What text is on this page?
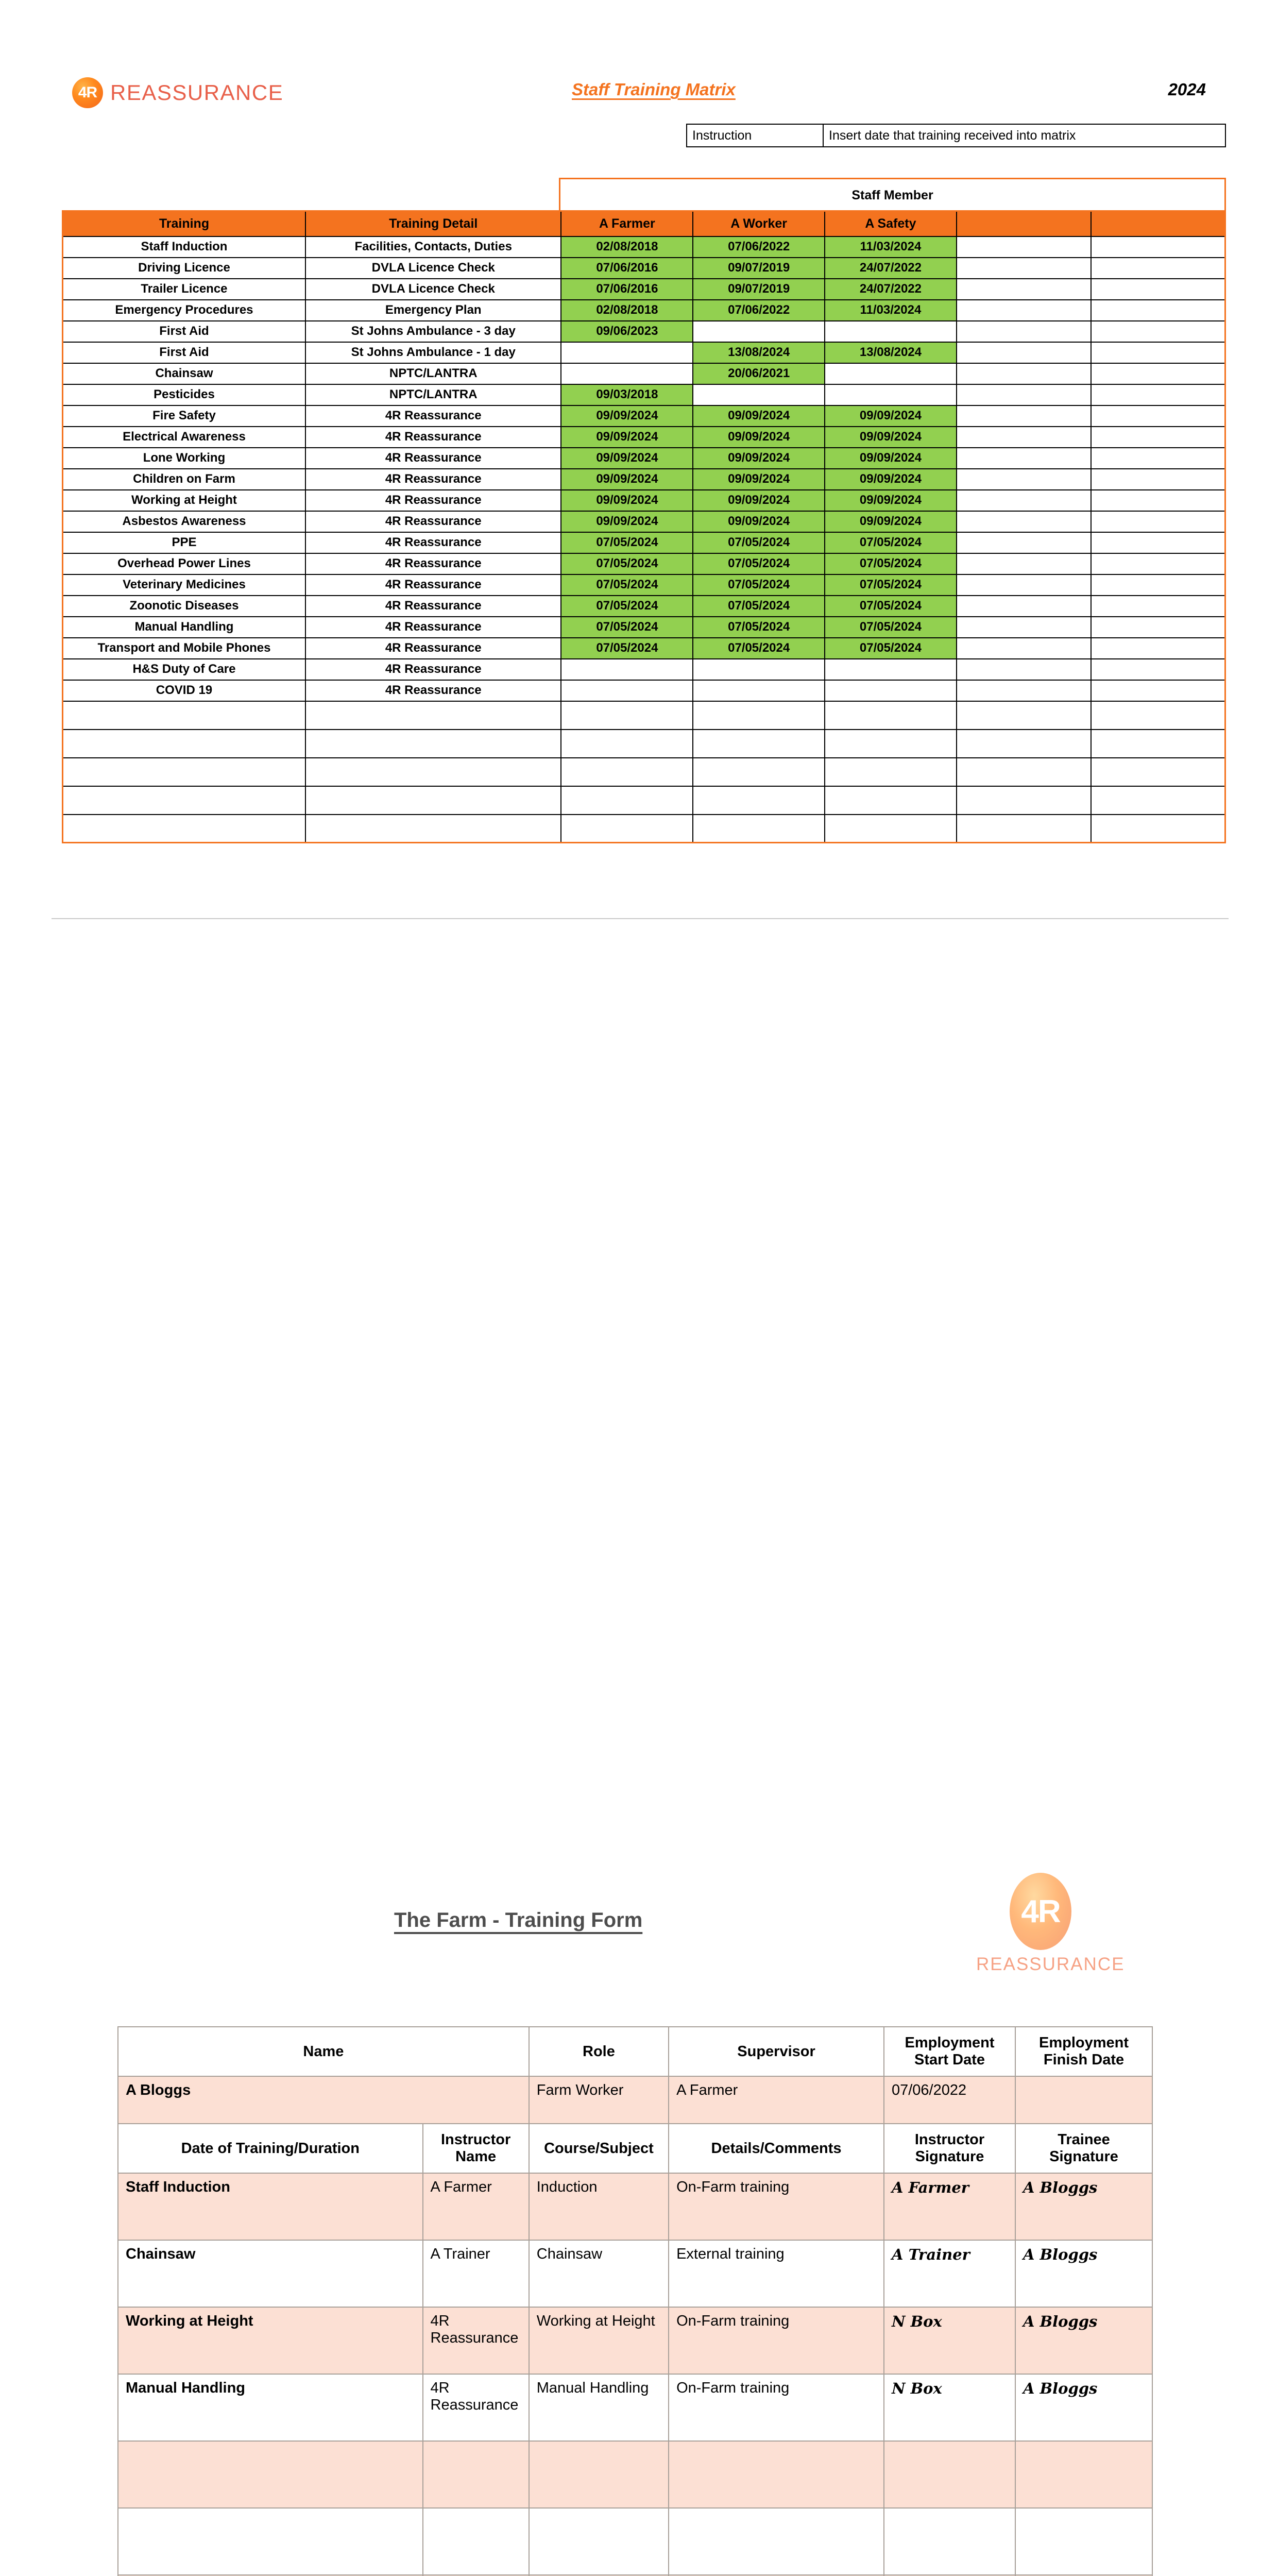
4R REASSURANCE	Staff Training Matrix	2024
Instruction	Insert date that training received into matrix
Staff Member
Training	Training Detail	A Farmer	A Worker	A Safety		
Staff Induction	Facilities, Contacts, Duties	02/08/2018	07/06/2022	11/03/2024		
Driving Licence	DVLA Licence Check	07/06/2016	09/07/2019	24/07/2022		
Trailer Licence	DVLA Licence Check	07/06/2016	09/07/2019	24/07/2022		
Emergency Procedures	Emergency Plan	02/08/2018	07/06/2022	11/03/2024		
First Aid	St Johns Ambulance - 3 day	09/06/2023				
First Aid	St Johns Ambulance - 1 day		13/08/2024	13/08/2024		
Chainsaw	NPTC/LANTRA		20/06/2021			
Pesticides	NPTC/LANTRA	09/03/2018				
Fire Safety	4R Reassurance	09/09/2024	09/09/2024	09/09/2024		
Electrical Awareness	4R Reassurance	09/09/2024	09/09/2024	09/09/2024		
Lone Working	4R Reassurance	09/09/2024	09/09/2024	09/09/2024		
Children on Farm	4R Reassurance	09/09/2024	09/09/2024	09/09/2024		
Working at Height	4R Reassurance	09/09/2024	09/09/2024	09/09/2024		
Asbestos Awareness	4R Reassurance	09/09/2024	09/09/2024	09/09/2024		
PPE	4R Reassurance	07/05/2024	07/05/2024	07/05/2024		
Overhead Power Lines	4R Reassurance	07/05/2024	07/05/2024	07/05/2024		
Veterinary Medicines	4R Reassurance	07/05/2024	07/05/2024	07/05/2024		
Zoonotic Diseases	4R Reassurance	07/05/2024	07/05/2024	07/05/2024		
Manual Handling	4R Reassurance	07/05/2024	07/05/2024	07/05/2024		
Transport and Mobile Phones	4R Reassurance	07/05/2024	07/05/2024	07/05/2024		
H&S Duty of Care	4R Reassurance					
COVID 19	4R Reassurance					

The Farm - Training Form	4R
REASSURANCE
Name		Role	Supervisor	Employment Start Date	Employment Finish Date
A Bloggs		Farm Worker	A Farmer	07/06/2022	
Date of Training/Duration	Instructor Name	Course/Subject	Details/Comments	Instructor Signature	Trainee Signature
Staff Induction	A Farmer	Induction	On-Farm training	A Farmer	A Bloggs
Chainsaw	A Trainer	Chainsaw	External training	A Trainer	A Bloggs
Working at Height	4R Reassurance	Working at Height	On-Farm training	N Box	A Bloggs
Manual Handling	4R Reassurance	Manual Handling	On-Farm training	N Box	A Bloggs
